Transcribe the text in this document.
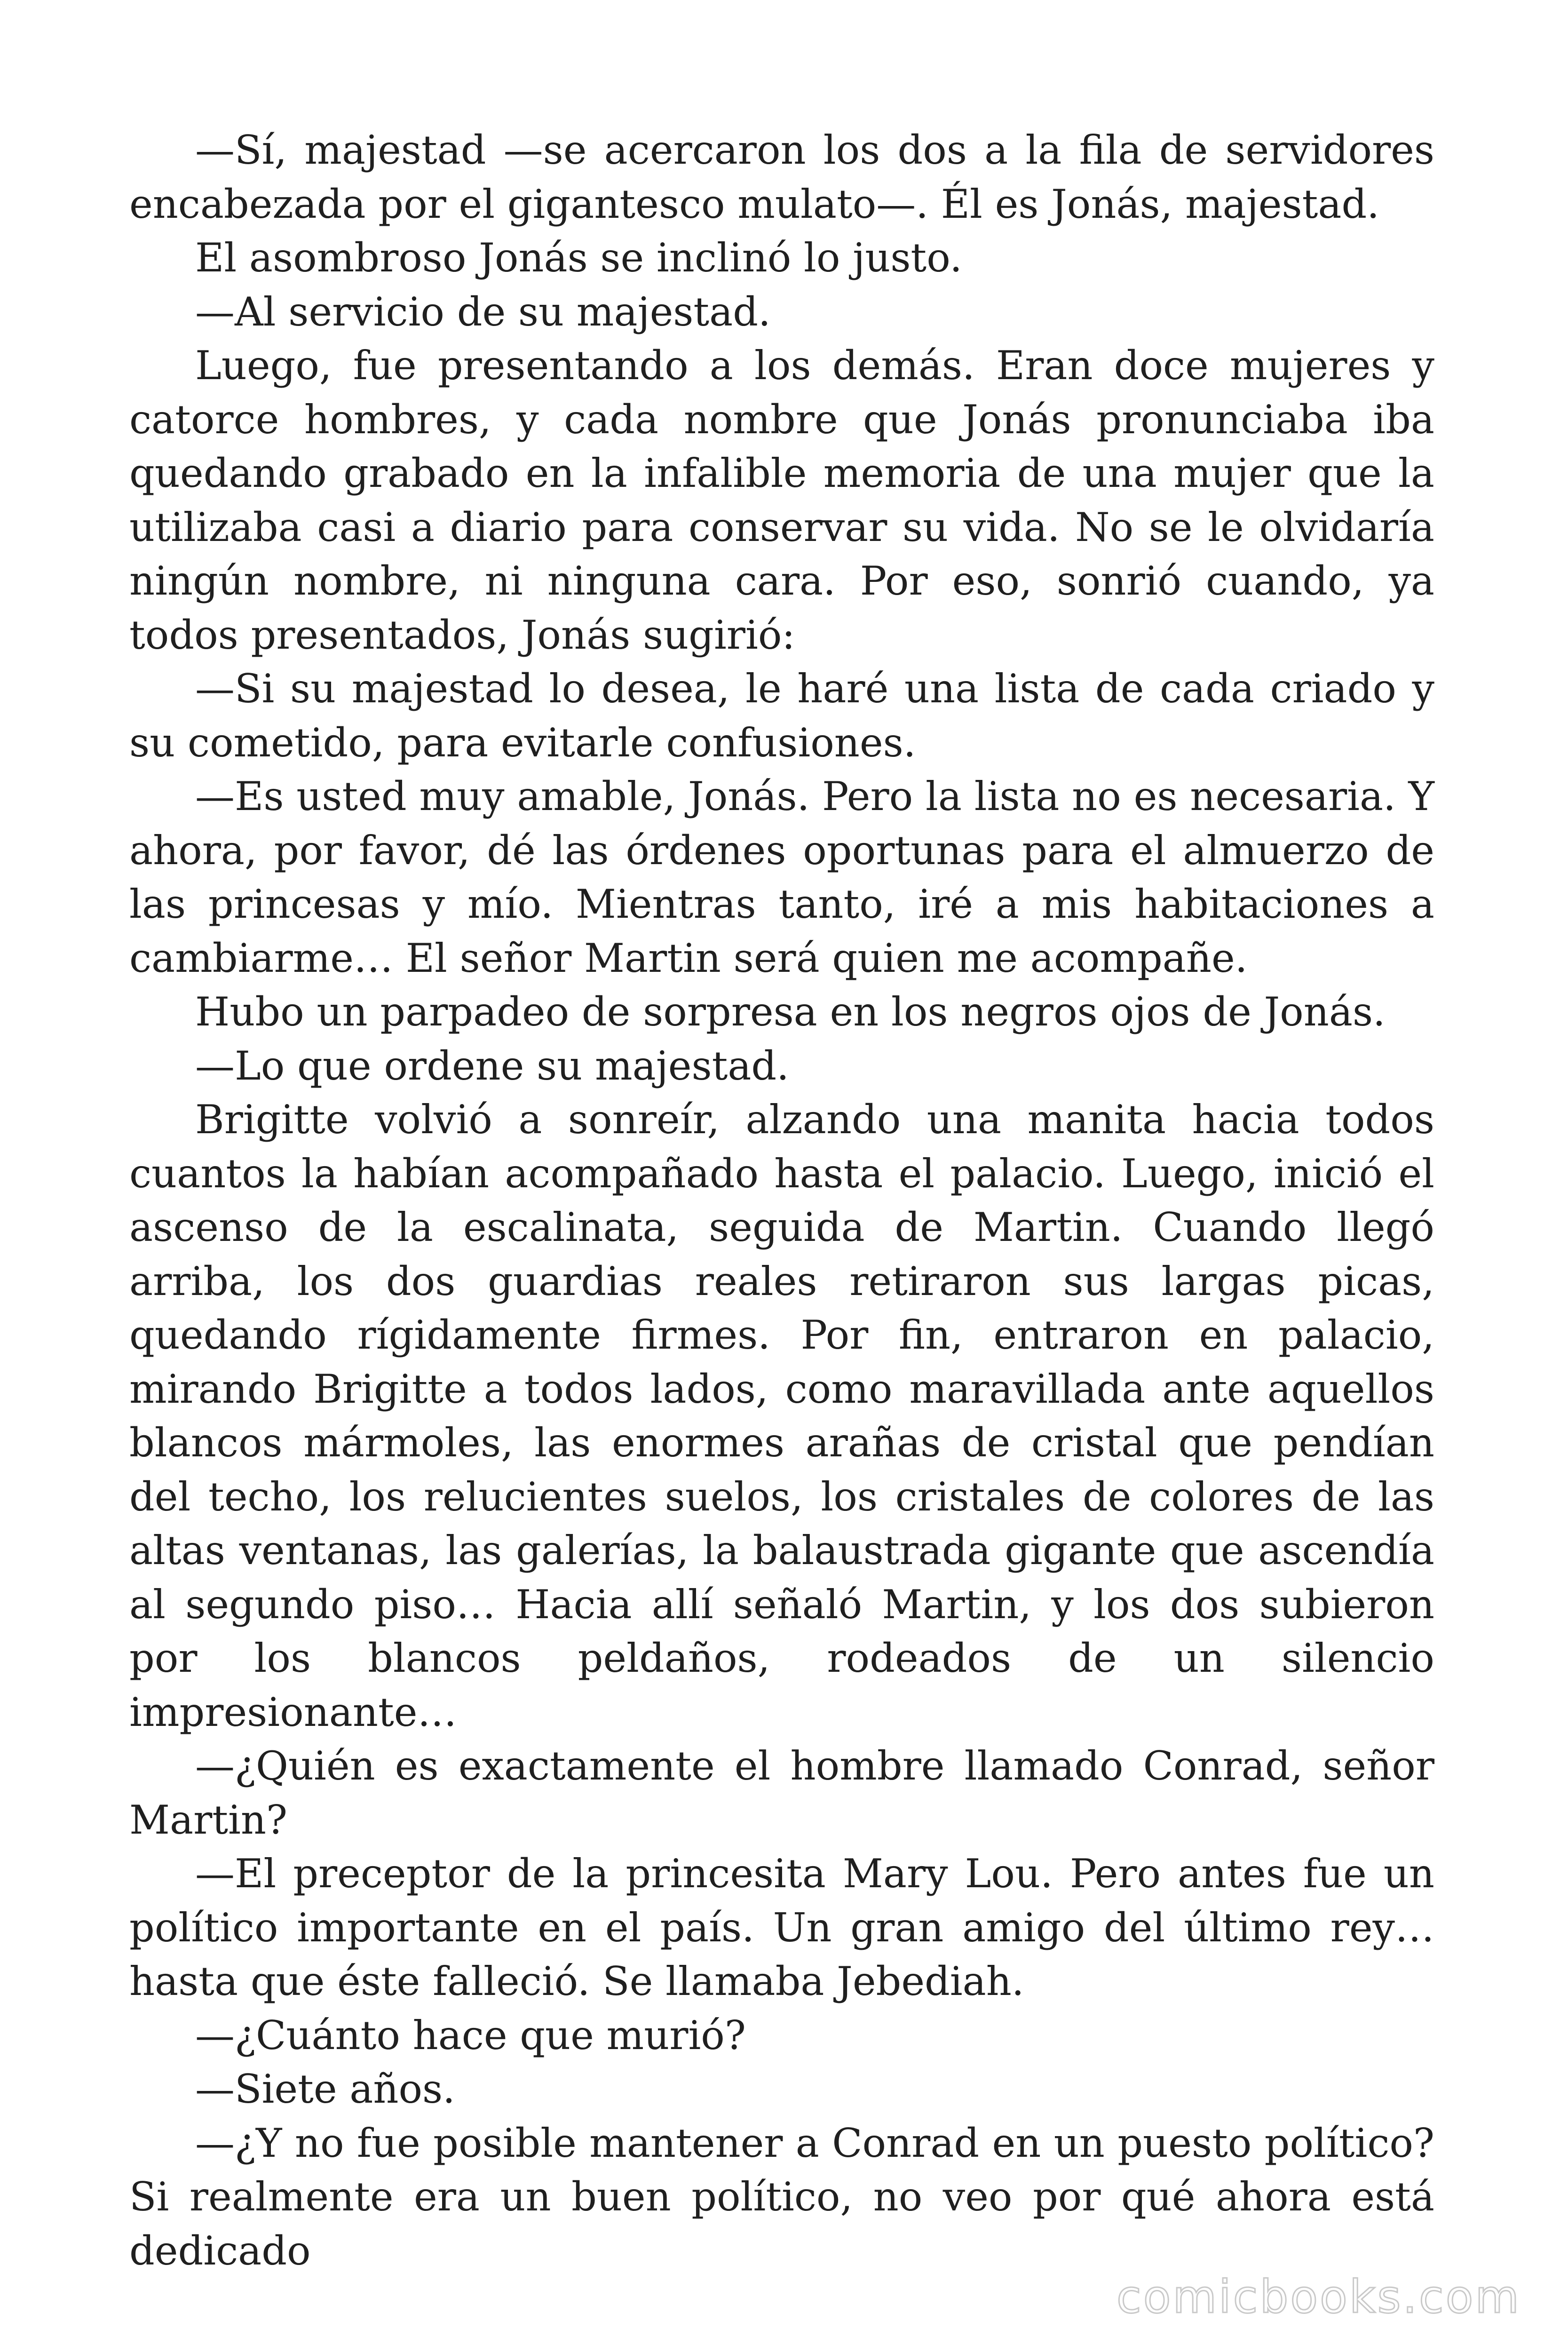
—Sí, majestad —se acercaron los dos a la fila de servidores encabezada por el gigantesco mulato—. Él es Jonás, majestad.

El asombroso Jonás se inclinó lo justo.

—Al servicio de su majestad.

Luego, fue presentando a los demás. Eran doce mujeres y catorce hombres, y cada nombre que Jonás pronunciaba iba quedando grabado en la infalible memoria de una mujer que la utilizaba casi a diario para conservar su vida. No se le olvidaría ningún nombre, ni ninguna cara. Por eso, sonrió cuando, ya todos presentados, Jonás sugirió:

—Si su majestad lo desea, le haré una lista de cada criado y su cometido, para evitarle confusiones.

—Es usted muy amable, Jonás. Pero la lista no es necesaria. Y ahora, por favor, dé las órdenes oportunas para el almuerzo de las princesas y mío. Mientras tanto, iré a mis habitaciones a cambiarme… El señor Martin será quien me acompañe.

Hubo un parpadeo de sorpresa en los negros ojos de Jonás.

—Lo que ordene su majestad.

Brigitte volvió a sonreír, alzando una manita hacia todos cuantos la habían acompañado hasta el palacio. Luego, inició el ascenso de la escalinata, seguida de Martin. Cuando llegó arriba, los dos guardias reales retiraron sus largas picas, quedando rígidamente firmes. Por fin, entraron en palacio, mirando Brigitte a todos lados, como maravillada ante aquellos blancos mármoles, las enormes arañas de cristal que pendían del techo, los relucientes suelos, los cristales de colores de las altas ventanas, las galerías, la balaustrada gigante que ascendía al segundo piso… Hacia allí señaló Martin, y los dos subieron por los blancos peldaños, rodeados de un silencio impresionante…

—¿Quién es exactamente el hombre llamado Conrad, señor Martin?

—El preceptor de la princesita Mary Lou. Pero antes fue un político importante en el país. Un gran amigo del último rey… hasta que éste falleció. Se llamaba Jebediah.

—¿Cuánto hace que murió?

—Siete años.

—¿Y no fue posible mantener a Conrad en un puesto político? Si realmente era un buen político, no veo por qué ahora está dedicado

comicbooks.com
